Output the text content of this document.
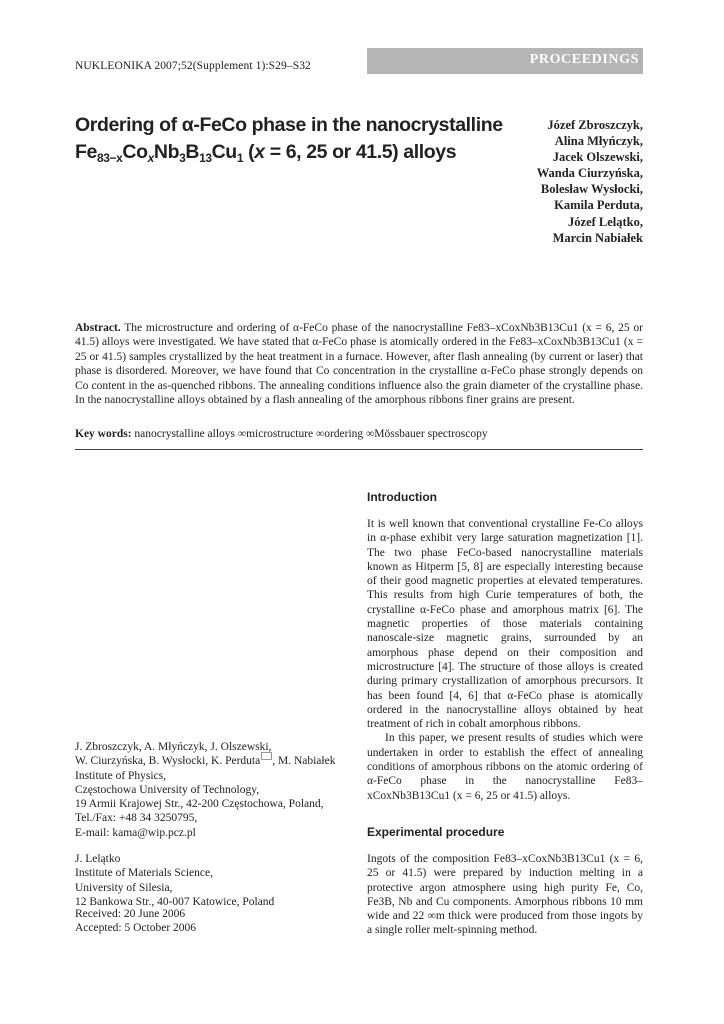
NUKLEONIKA 2007;52(Supplement 1):S29–S32	PROCEEDINGS
Ordering of α-FeCo phase in the nanocrystalline
$Fe_{83-x}Co_xNb_3B_{13}Cu_1$ (x = 6, 25 or 41.5) alloys
Józef Zbroszczyk,
Alina Młyńczyk,
Jacek Olszewski,
Wanda Ciurzyńska,
Bolesław Wysłocki,
Kamila Perduta,
Józef Lelątko,
Marcin Nabiałek
Abstract. The microstructure and ordering of α-FeCo phase of the nanocrystalline Fe83–xCoxNb3B13Cu1 (x = 6, 25 or 41.5) alloys were investigated. We have stated that α-FeCo phase is atomically ordered in the Fe83–xCoxNb3B13Cu1 (x = 25 or 41.5) samples crystallized by the heat treatment in a furnace. However, after flash annealing (by current or laser) that phase is disordered. Moreover, we have found that Co concentration in the crystalline α-FeCo phase strongly depends on Co content in the as-quenched ribbons. The annealing conditions influence also the grain diameter of the crystalline phase. In the nanocrystalline alloys obtained by a flash annealing of the amorphous ribbons finer grains are present.
Key words: nanocrystalline alloys ∞microstructure ∞ordering ∞Mössbauer spectroscopy
Introduction

It is well known that conventional crystalline Fe-Co alloys in α-phase exhibit very large saturation magnetization [1]. The two phase FeCo-based nanocrystalline materials known as Hitperm [5, 8] are especially interesting because of their good magnetic properties at elevated temperatures. This results from high Curie temperatures of both, the crystalline α-FeCo phase and amorphous matrix [6]. The magnetic properties of those materials containing nanoscale-size magnetic grains, surrounded by an amorphous phase depend on their composition and microstructure [4]. The structure of those alloys is created during primary crystallization of amorphous precursors. It has been found [4, 6] that α-FeCo phase is atomically ordered in the nanocrystalline alloys obtained by heat treatment of rich in cobalt amorphous ribbons.

In this paper, we present results of studies which were undertaken in order to establish the effect of annealing conditions of amorphous ribbons on the atomic ordering of α-FeCo phase in the nanocrystalline Fe83–xCoxNb3B13Cu1 (x = 6, 25 or 41.5) alloys.

Experimental procedure

Ingots of the composition Fe83–xCoxNb3B13Cu1 (x = 6, 25 or 41.5) were prepared by induction melting in a protective argon atmosphere using high purity Fe, Co, Fe3B, Nb and Cu components. Amorphous ribbons 10 mm wide and 22 ∞m thick were produced from those ingots by a single roller melt-spinning method.

J. Zbroszczyk, A. Młyńczyk, J. Olszewski,
W. Ciurzyńska, B. Wysłocki, K. Perduta , M. Nabiałek
Institute of Physics,
Częstochowa University of Technology,
19 Armii Krajowej Str., 42-200 Częstochowa, Poland,
Tel./Fax: +48 34 3250795,
E-mail: kama@wip.pcz.pl
J. Lelątko
Institute of Materials Science,
University of Silesia,
12 Bankowa Str., 40-007 Katowice, Poland
Received: 20 June 2006
Accepted: 5 October 2006
